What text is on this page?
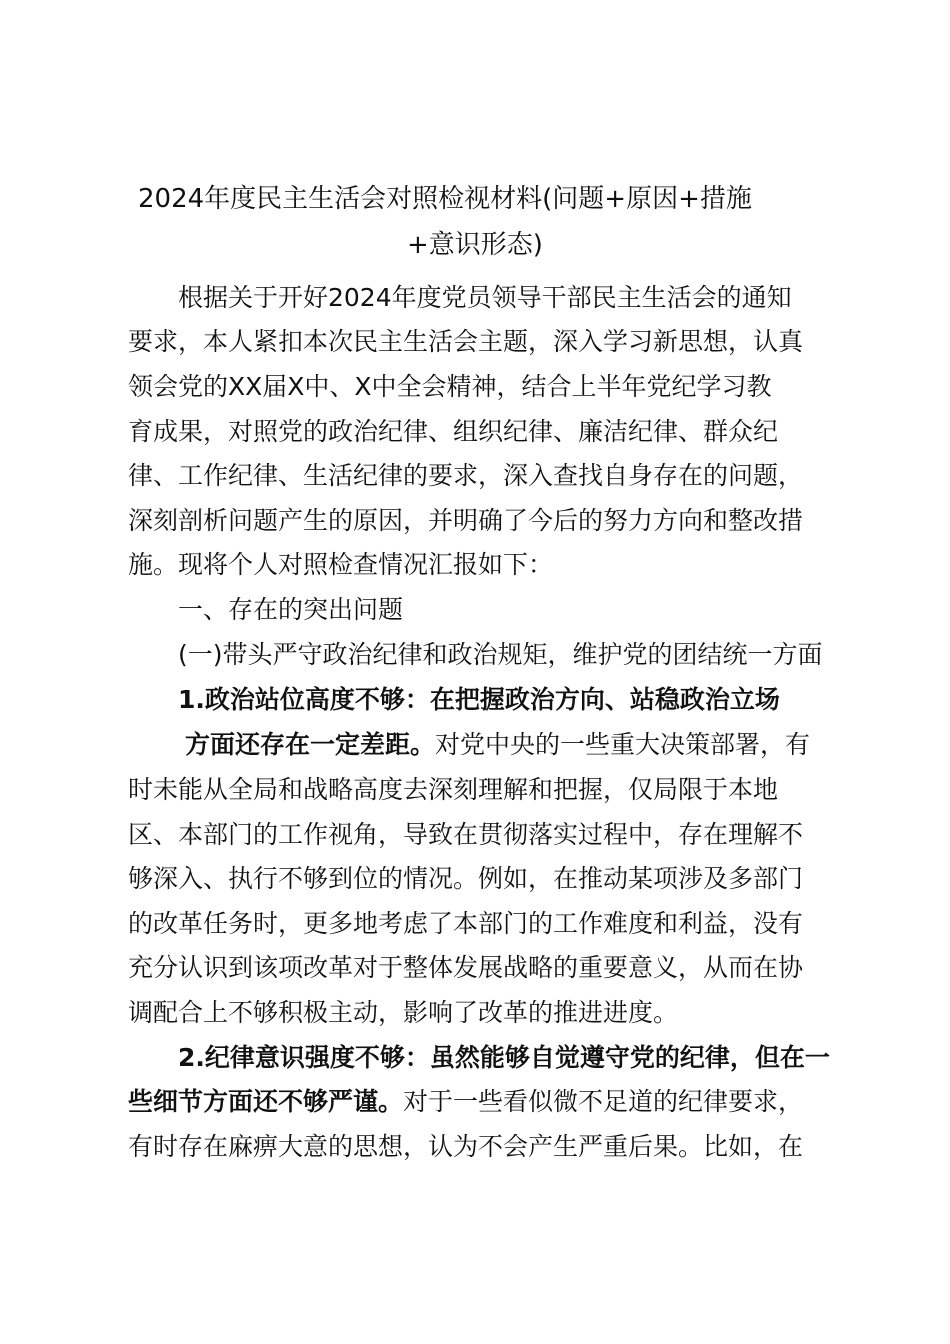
2024年度民主生活会对照检视材料(问题+原因+措施
+意识形态)
根据关于开好2024年度党员领导干部民主生活会的通知
要求，本人紧扣本次民主生活会主题，深入学习新思想，认真
领会党的XX届X中、X中全会精神，结合上半年党纪学习教
育成果，对照党的政治纪律、组织纪律、廉洁纪律、群众纪
律、工作纪律、生活纪律的要求，深入查找自身存在的问题，
深刻剖析问题产生的原因，并明确了今后的努力方向和整改措
施。现将个人对照检查情况汇报如下：
一、存在的突出问题
(一)带头严守政治纪律和政治规矩，维护党的团结统一方面
1.政治站位高度不够：在把握政治方向、站稳政治立场
方面还存在一定差距。对党中央的一些重大决策部署，有
时未能从全局和战略高度去深刻理解和把握，仅局限于本地
区、本部门的工作视角，导致在贯彻落实过程中，存在理解不
够深入、执行不够到位的情况。例如，在推动某项涉及多部门
的改革任务时，更多地考虑了本部门的工作难度和利益，没有
充分认识到该项改革对于整体发展战略的重要意义，从而在协
调配合上不够积极主动，影响了改革的推进进度。
2.纪律意识强度不够：虽然能够自觉遵守党的纪律，但在一
些细节方面还不够严谨。对于一些看似微不足道的纪律要求，
有时存在麻痹大意的思想，认为不会产生严重后果。比如，在
